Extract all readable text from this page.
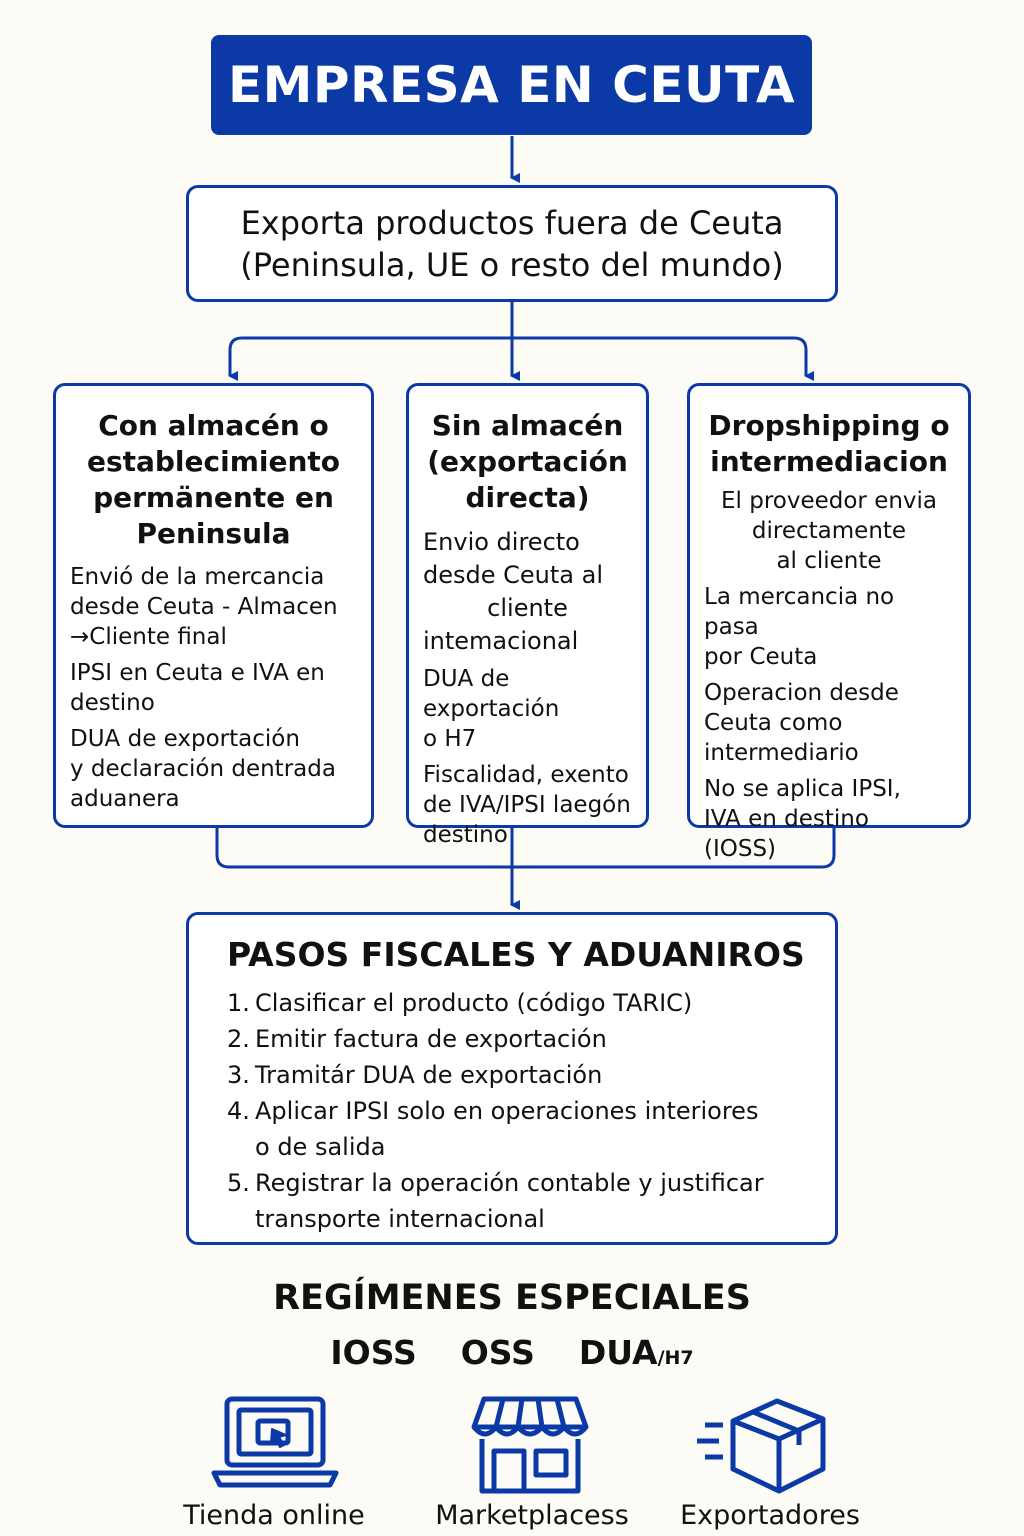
EMPRESA EN CEUTA
Exporta productos fuera de Ceuta
(Peninsula, UE o resto del mundo)
Con almacén o
establecimiento
permänente en
Peninsula
Envió de la mercancia
desde Ceuta - Almacen
→Cliente final
IPSI en Ceuta e IVA en
destino
DUA de exportación
y declaración dentrada
aduanera
Sin almacén
(exportación
directa)
Envio directo
desde Ceuta al
cliente
intemacional
DUA de exportación
o H7
Fiscalidad, exento
de IVA/IPSI laegón
destino
Dropshipping o
intermediacion
El proveedor envia
directamente
al cliente
La mercancia no pasa
por Ceuta
Operacion desde
Ceuta como intermediario
No se aplica IPSI,
IVA en destino
(IOSS)
PASOS FISCALES Y ADUANIROS
1. Clasificar el producto (código TARIC)
2. Emitir factura de exportación
3. Tramitár DUA de exportación
4. Aplicar IPSI solo en operaciones interiores
o de salida
5. Registrar la operación contable y justificar
transporte internacional
REGÍMENES ESPECIALES
IOSS OSS DUA/H7
Tienda online	Marketplacess	Exportadores
